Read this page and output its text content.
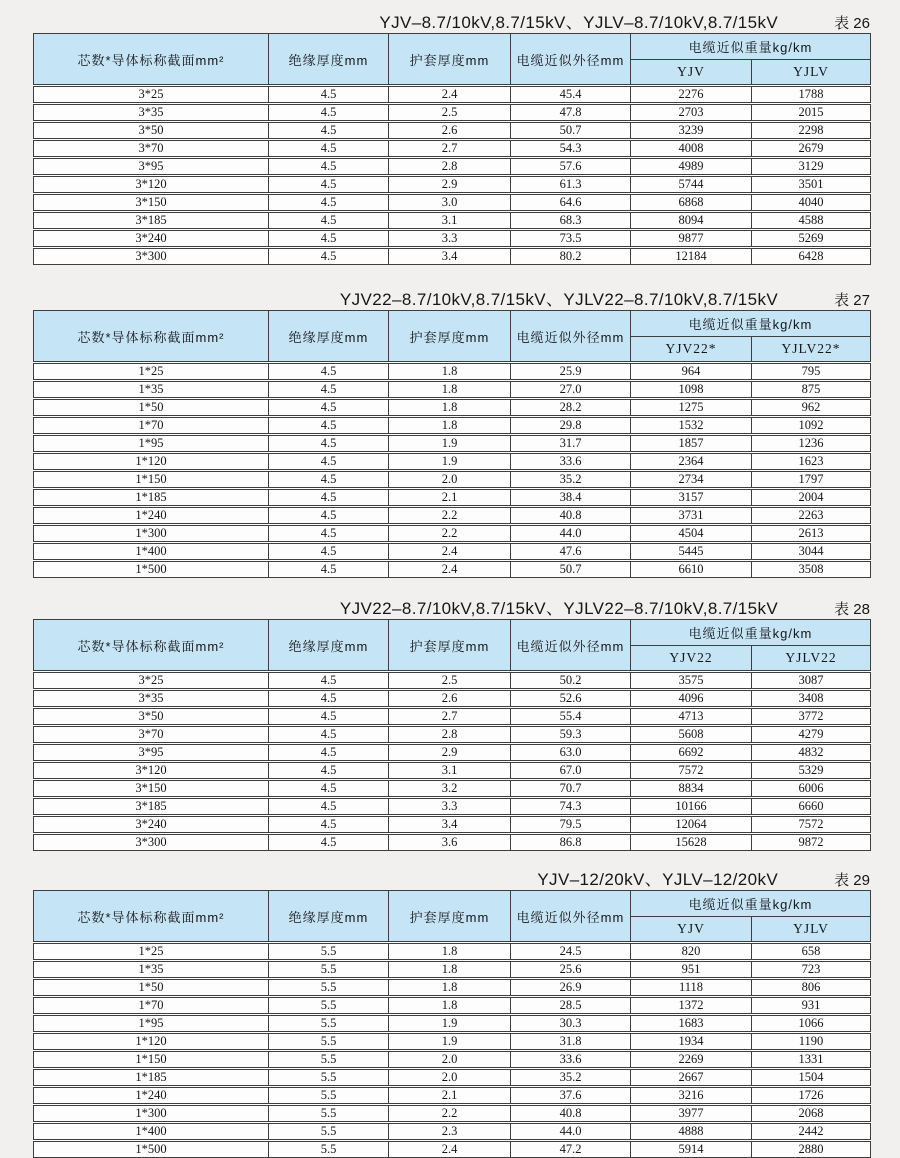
YJV–8.7/10kV,8.7/15kV、YJLV–8.7/10kV,8.7/15kV	表 26
芯数*导体标称截面mm²	绝缘厚度mm	护套厚度mm	电缆近似外径mm	电缆近似重量kg/km	
				YJV	YJLV
3*25	4.5	2.4	45.4	2276	1788
3*35	4.5	2.5	47.8	2703	2015
3*50	4.5	2.6	50.7	3239	2298
3*70	4.5	2.7	54.3	4008	2679
3*95	4.5	2.8	57.6	4989	3129
3*120	4.5	2.9	61.3	5744	3501
3*150	4.5	3.0	64.6	6868	4040
3*185	4.5	3.1	68.3	8094	4588
3*240	4.5	3.3	73.5	9877	5269
3*300	4.5	3.4	80.2	12184	6428
YJV22–8.7/10kV,8.7/15kV、YJLV22–8.7/10kV,8.7/15kV	表 27
芯数*导体标称截面mm²	绝缘厚度mm	护套厚度mm	电缆近似外径mm	电缆近似重量kg/km	
				YJV22*	YJLV22*
1*25	4.5	1.8	25.9	964	795
1*35	4.5	1.8	27.0	1098	875
1*50	4.5	1.8	28.2	1275	962
1*70	4.5	1.8	29.8	1532	1092
1*95	4.5	1.9	31.7	1857	1236
1*120	4.5	1.9	33.6	2364	1623
1*150	4.5	2.0	35.2	2734	1797
1*185	4.5	2.1	38.4	3157	2004
1*240	4.5	2.2	40.8	3731	2263
1*300	4.5	2.2	44.0	4504	2613
1*400	4.5	2.4	47.6	5445	3044
1*500	4.5	2.4	50.7	6610	3508
YJV22–8.7/10kV,8.7/15kV、YJLV22–8.7/10kV,8.7/15kV	表 28
芯数*导体标称截面mm²	绝缘厚度mm	护套厚度mm	电缆近似外径mm	电缆近似重量kg/km	
				YJV22	YJLV22
3*25	4.5	2.5	50.2	3575	3087
3*35	4.5	2.6	52.6	4096	3408
3*50	4.5	2.7	55.4	4713	3772
3*70	4.5	2.8	59.3	5608	4279
3*95	4.5	2.9	63.0	6692	4832
3*120	4.5	3.1	67.0	7572	5329
3*150	4.5	3.2	70.7	8834	6006
3*185	4.5	3.3	74.3	10166	6660
3*240	4.5	3.4	79.5	12064	7572
3*300	4.5	3.6	86.8	15628	9872
YJV–12/20kV、YJLV–12/20kV	表 29
芯数*导体标称截面mm²	绝缘厚度mm	护套厚度mm	电缆近似外径mm	电缆近似重量kg/km	
				YJV	YJLV
1*25	5.5	1.8	24.5	820	658
1*35	5.5	1.8	25.6	951	723
1*50	5.5	1.8	26.9	1118	806
1*70	5.5	1.8	28.5	1372	931
1*95	5.5	1.9	30.3	1683	1066
1*120	5.5	1.9	31.8	1934	1190
1*150	5.5	2.0	33.6	2269	1331
1*185	5.5	2.0	35.2	2667	1504
1*240	5.5	2.1	37.6	3216	1726
1*300	5.5	2.2	40.8	3977	2068
1*400	5.5	2.3	44.0	4888	2442
1*500	5.5	2.4	47.2	5914	2880
